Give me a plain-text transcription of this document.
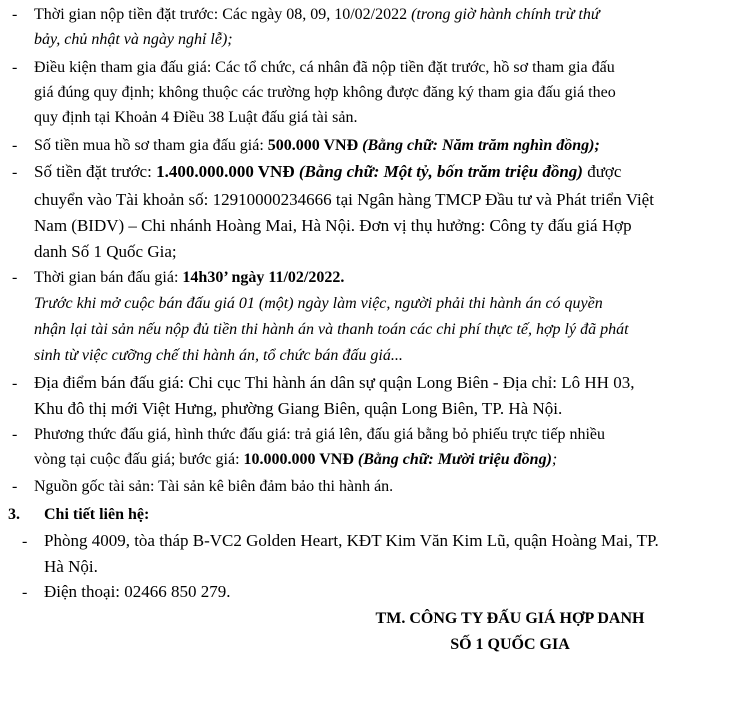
- Thời gian nộp tiền đặt trước: Các ngày 08, 09, 10/02/2022 (trong giờ hành chính trừ thứ
bảy, chủ nhật và ngày nghỉ lễ);
- Điều kiện tham gia đấu giá: Các tổ chức, cá nhân đã nộp tiền đặt trước, hồ sơ tham gia đấu
giá đúng quy định; không thuộc các trường hợp không được đăng ký tham gia đấu giá theo
quy định tại Khoản 4 Điều 38 Luật đấu giá tài sản.
- Số tiền mua hồ sơ tham gia đấu giá: 500.000 VNĐ (Bằng chữ: Năm trăm nghìn đồng);
- Số tiền đặt trước: 1.400.000.000 VNĐ (Bằng chữ: Một tỷ, bốn trăm triệu đồng) được
chuyển vào Tài khoản số: 12910000234666 tại Ngân hàng TMCP Đầu tư và Phát triển Việt
Nam (BIDV) – Chi nhánh Hoàng Mai, Hà Nội. Đơn vị thụ hưởng: Công ty đấu giá Hợp
danh Số 1 Quốc Gia;
- Thời gian bán đấu giá: 14h30’ ngày 11/02/2022.
Trước khi mở cuộc bán đấu giá 01 (một) ngày làm việc, người phải thi hành án có quyền
nhận lại tài sản nếu nộp đủ tiền thi hành án và thanh toán các chi phí thực tế, hợp lý đã phát
sinh từ việc cưỡng chế thi hành án, tổ chức bán đấu giá...
- Địa điểm bán đấu giá: Chi cục Thi hành án dân sự quận Long Biên - Địa chỉ: Lô HH 03,
Khu đô thị mới Việt Hưng, phường Giang Biên, quận Long Biên, TP. Hà Nội.
- Phương thức đấu giá, hình thức đấu giá: trả giá lên, đấu giá bằng bỏ phiếu trực tiếp nhiều
vòng tại cuộc đấu giá; bước giá: 10.000.000 VNĐ (Bằng chữ: Mười triệu đồng);
- Nguồn gốc tài sản: Tài sản kê biên đảm bảo thi hành án.
3. Chi tiết liên hệ:
- Phòng 4009, tòa tháp B-VC2 Golden Heart, KĐT Kim Văn Kim Lũ, quận Hoàng Mai, TP.
Hà Nội.
- Điện thoại: 02466 850 279.
TM. CÔNG TY ĐẤU GIÁ HỢP DANH
SỐ 1 QUỐC GIA
